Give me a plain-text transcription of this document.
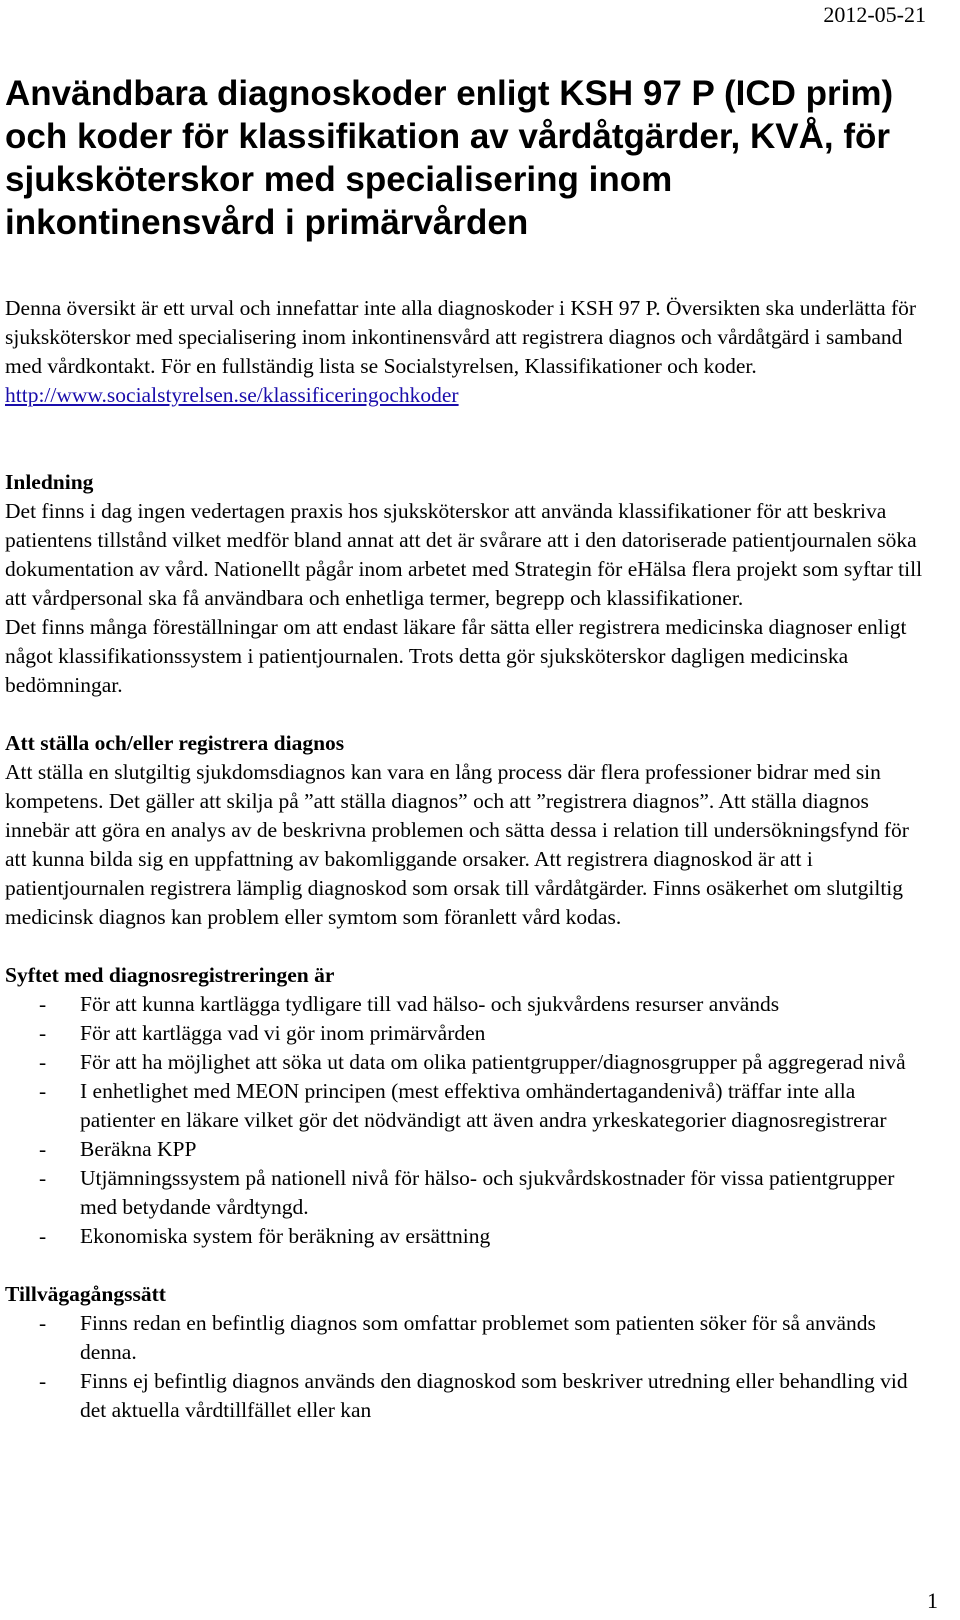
2012-05-21
Användbara diagnoskoder enligt KSH 97 P (ICD prim) och koder för klassifikation av vårdåtgärder, KVÅ, för sjuksköterskor med specialisering inom inkontinensvård i primärvården

Denna översikt är ett urval och innefattar inte alla diagnoskoder i KSH 97 P. Översikten ska underlätta för sjuksköterskor med specialisering inom inkontinensvård att registrera diagnos och vårdåtgärd i samband med vårdkontakt. För en fullständig lista se Socialstyrelsen, Klassifikationer och koder. http://www.socialstyrelsen.se/klassificeringochkoder

Inledning

Det finns i dag ingen vedertagen praxis hos sjuksköterskor att använda klassifikationer för att beskriva patientens tillstånd vilket medför bland annat att det är svårare att i den datoriserade patientjournalen söka dokumentation av vård. Nationellt pågår inom arbetet med Strategin för eHälsa flera projekt som syftar till att vårdpersonal ska få användbara och enhetliga termer, begrepp och klassifikationer.

Det finns många föreställningar om att endast läkare får sätta eller registrera medicinska diagnoser enligt något klassifikationssystem i patientjournalen. Trots detta gör sjuksköterskor dagligen medicinska bedömningar.

Att ställa och/eller registrera diagnos

Att ställa en slutgiltig sjukdomsdiagnos kan vara en lång process där flera professioner bidrar med sin kompetens. Det gäller att skilja på ”att ställa diagnos” och att ”registrera diagnos”. Att ställa diagnos innebär att göra en analys av de beskrivna problemen och sätta dessa i relation till undersökningsfynd för att kunna bilda sig en uppfattning av bakomliggande orsaker. Att registrera diagnoskod är att i patientjournalen registrera lämplig diagnoskod som orsak till vårdåtgärder. Finns osäkerhet om slutgiltig medicinsk diagnos kan problem eller symtom som föranlett vård kodas.

Syftet med diagnosregistreringen är
- För att kunna kartlägga tydligare till vad hälso- och sjukvårdens resurser används
- För att kartlägga vad vi gör inom primärvården
- För att ha möjlighet att söka ut data om olika patientgrupper/diagnosgrupper på aggregerad nivå
- I enhetlighet med MEON principen (mest effektiva omhändertagandenivå) träffar inte alla patienter en läkare vilket gör det nödvändigt att även andra yrkeskategorier diagnosregistrerar
- Beräkna KPP
- Utjämningssystem på nationell nivå för hälso- och sjukvårdskostnader för vissa patientgrupper med betydande vårdtyngd.
- Ekonomiska system för beräkning av ersättning
Tillvägagångssätt
- Finns redan en befintlig diagnos som omfattar problemet som patienten söker för så används denna.
- Finns ej befintlig diagnos används den diagnoskod som beskriver utredning eller behandling vid det aktuella vårdtillfället eller kan
1
